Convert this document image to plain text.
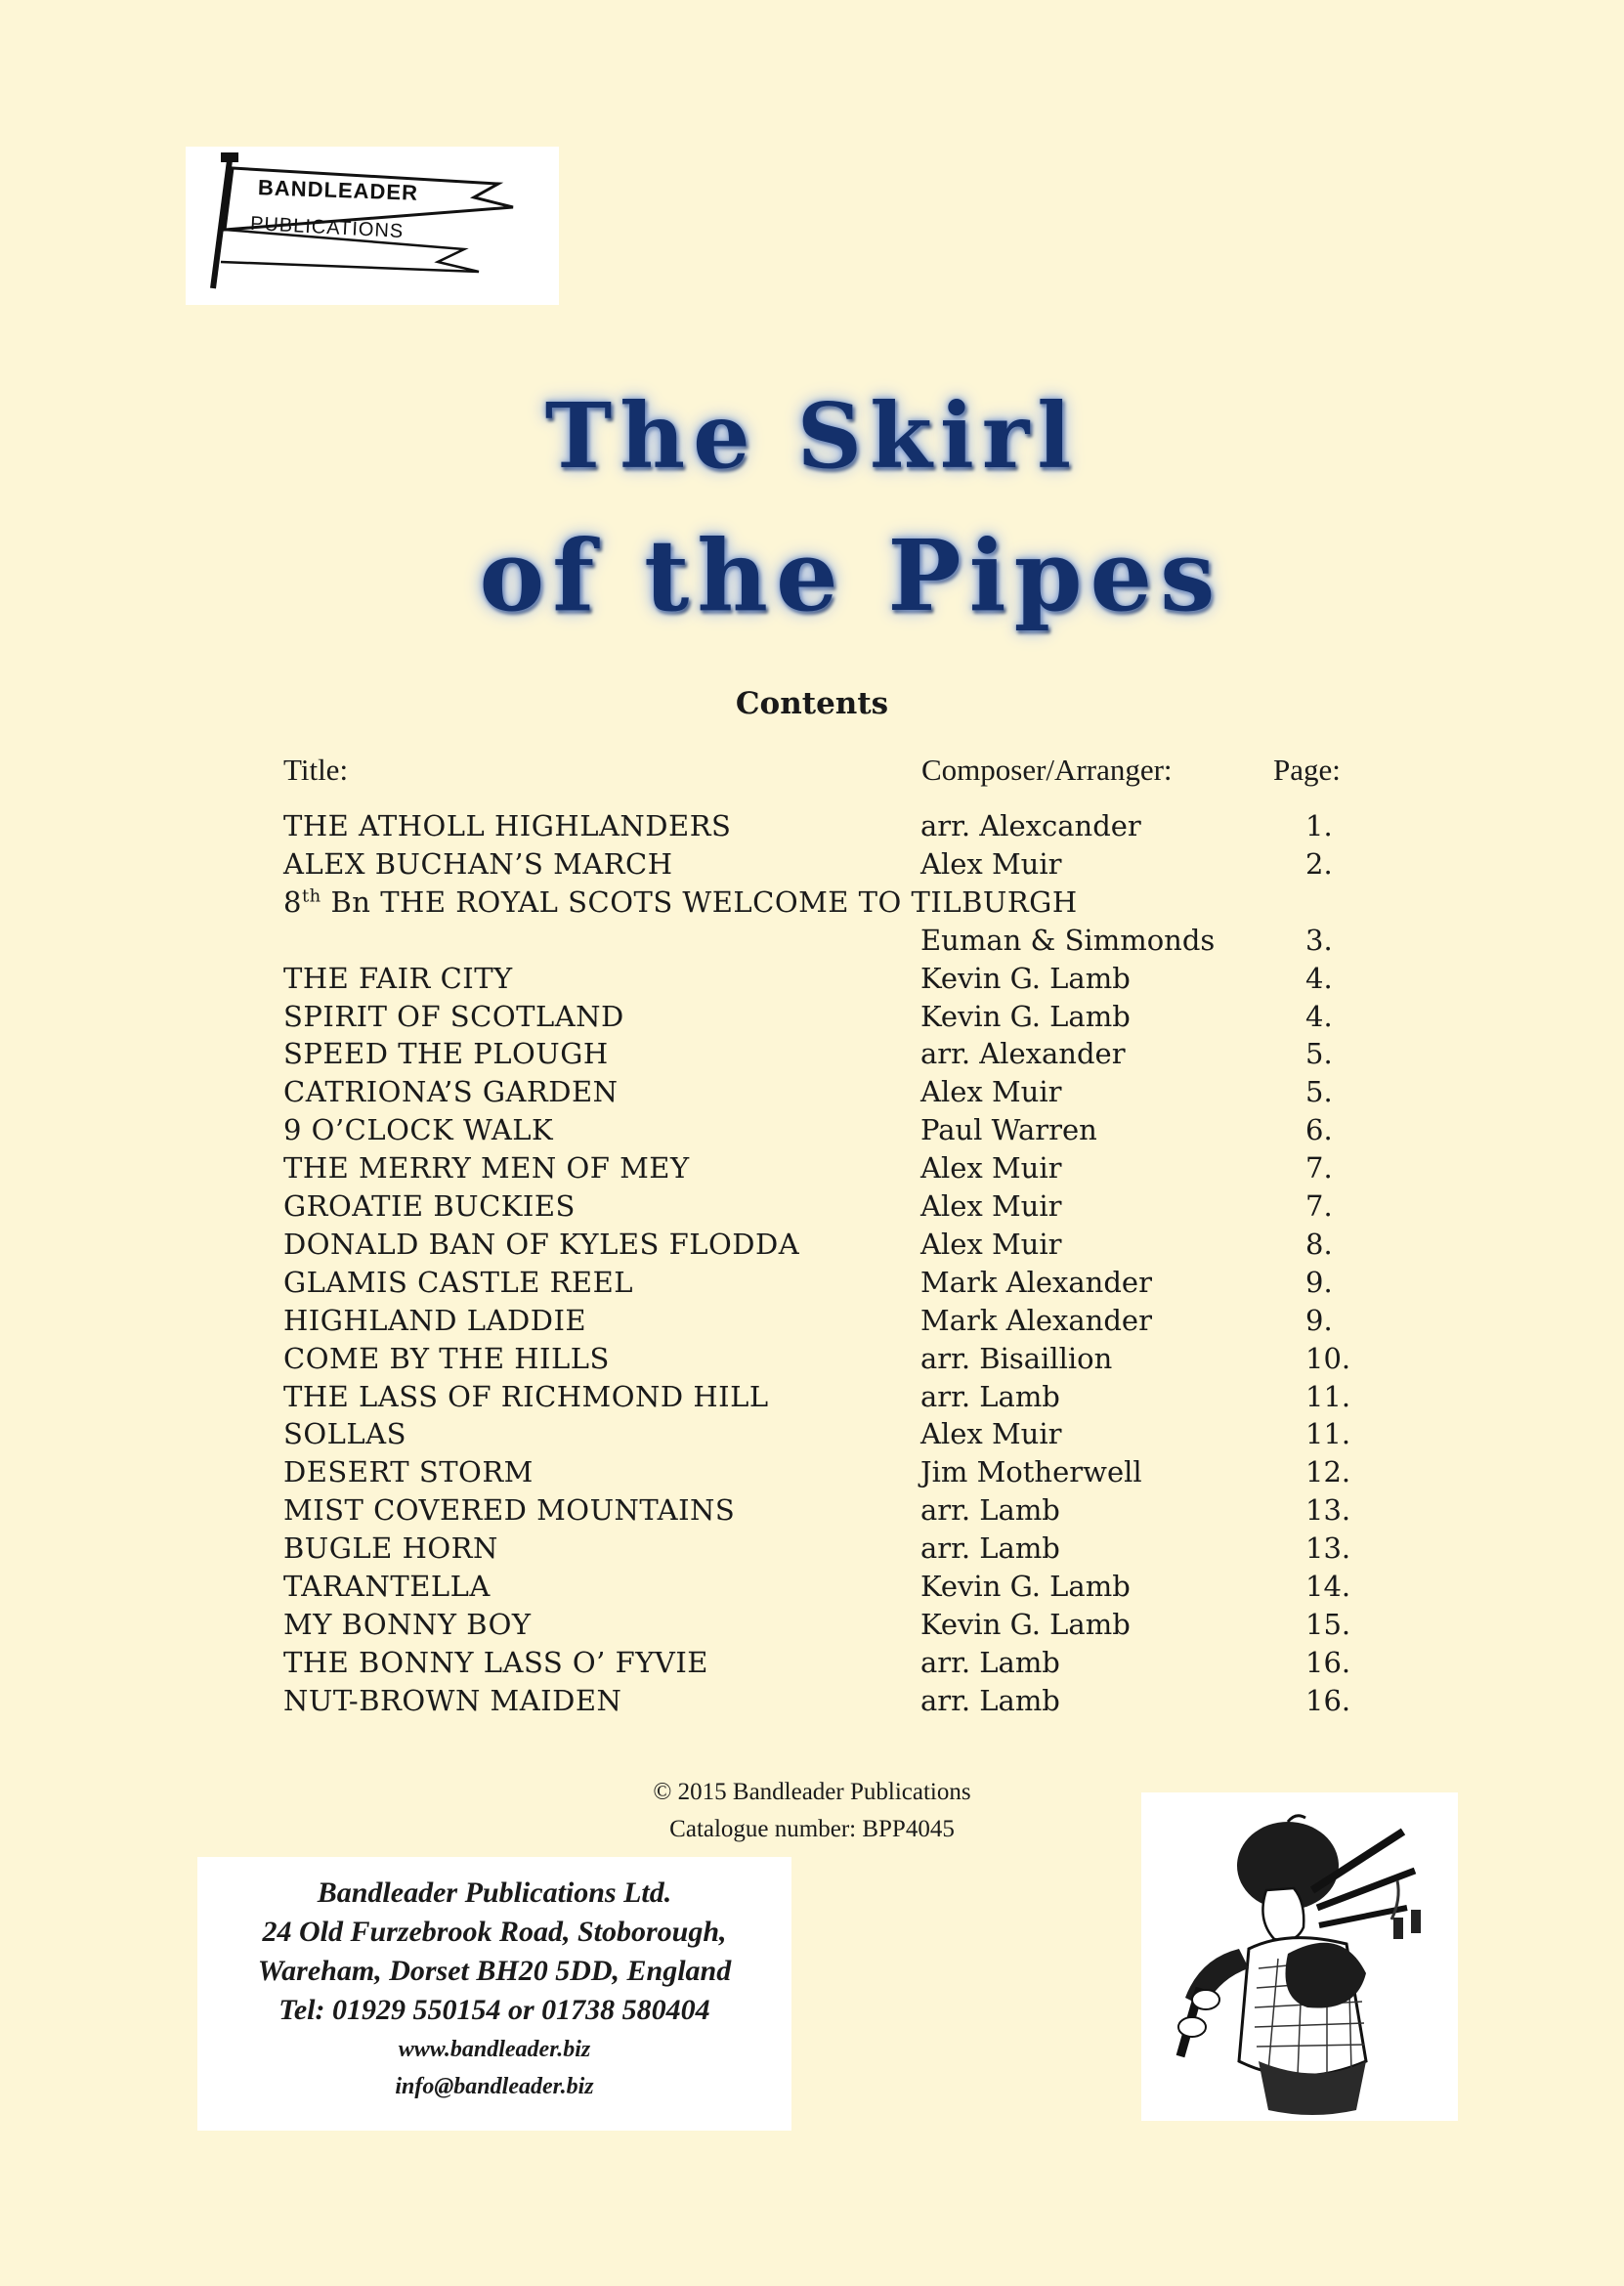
BANDLEADER
PUBLICATIONS
The Skirl
of the Pipes
Contents
Title:	Composer/Arranger:	Page:
THE ATHOLL HIGHLANDERS	arr. Alexcander	1.
ALEX BUCHAN’S MARCH	Alex Muir	2.
8th Bn THE ROYAL SCOTS WELCOME TO TILBURGH
Euman & Simmonds	3.
THE FAIR CITY	Kevin G. Lamb	4.
SPIRIT OF SCOTLAND	Kevin G. Lamb	4.
SPEED THE PLOUGH	arr. Alexander	5.
CATRIONA’S GARDEN	Alex Muir	5.
9 O’CLOCK WALK	Paul Warren	6.
THE MERRY MEN OF MEY	Alex Muir	7.
GROATIE BUCKIES	Alex Muir	7.
DONALD BAN OF KYLES FLODDA	Alex Muir	8.
GLAMIS CASTLE REEL	Mark Alexander	9.
HIGHLAND LADDIE	Mark Alexander	9.
COME BY THE HILLS	arr. Bisaillion	10.
THE LASS OF RICHMOND HILL	arr. Lamb	11.
SOLLAS	Alex Muir	11.
DESERT STORM	Jim Motherwell	12.
MIST COVERED MOUNTAINS	arr. Lamb	13.
BUGLE HORN	arr. Lamb	13.
TARANTELLA	Kevin G. Lamb	14.
MY BONNY BOY	Kevin G. Lamb	15.
THE BONNY LASS O’ FYVIE	arr. Lamb	16.
NUT-BROWN MAIDEN	arr. Lamb	16.
© 2015 Bandleader Publications
Catalogue number: BPP4045
Bandleader Publications Ltd.
24 Old Furzebrook Road, Stoborough,
Wareham, Dorset BH20 5DD, England
Tel: 01929 550154 or 01738 580404
www.bandleader.biz
info@bandleader.biz
